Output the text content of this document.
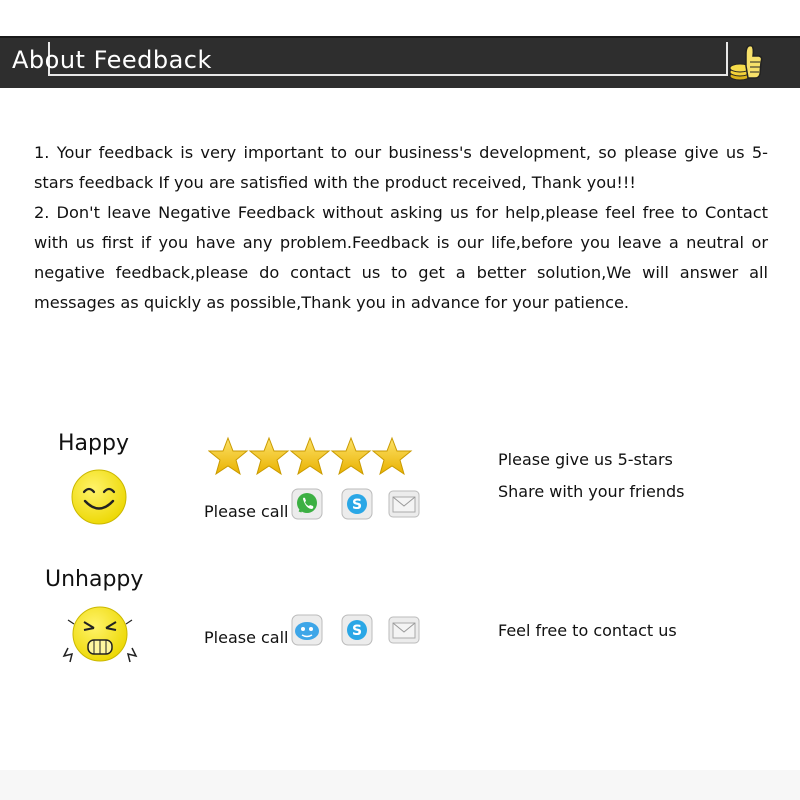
About Feedback

1. Your feedback is very important to our business's development, so please give us 5-stars feedback If you are satisfied with the product received, Thank you!!!

2. Don't leave Negative Feedback without asking us for help,please feel free to Contact with us first if you have any problem.Feedback is our life,before you leave a neutral or negative feedback,please do contact us to get a better solution,We will answer all messages as quickly as possible,Thank you in advance for your patience.

Happy
Please call	S
Please give us 5-stars
Share with your friends
Unhappy
Please call	S	Feel free to contact us
